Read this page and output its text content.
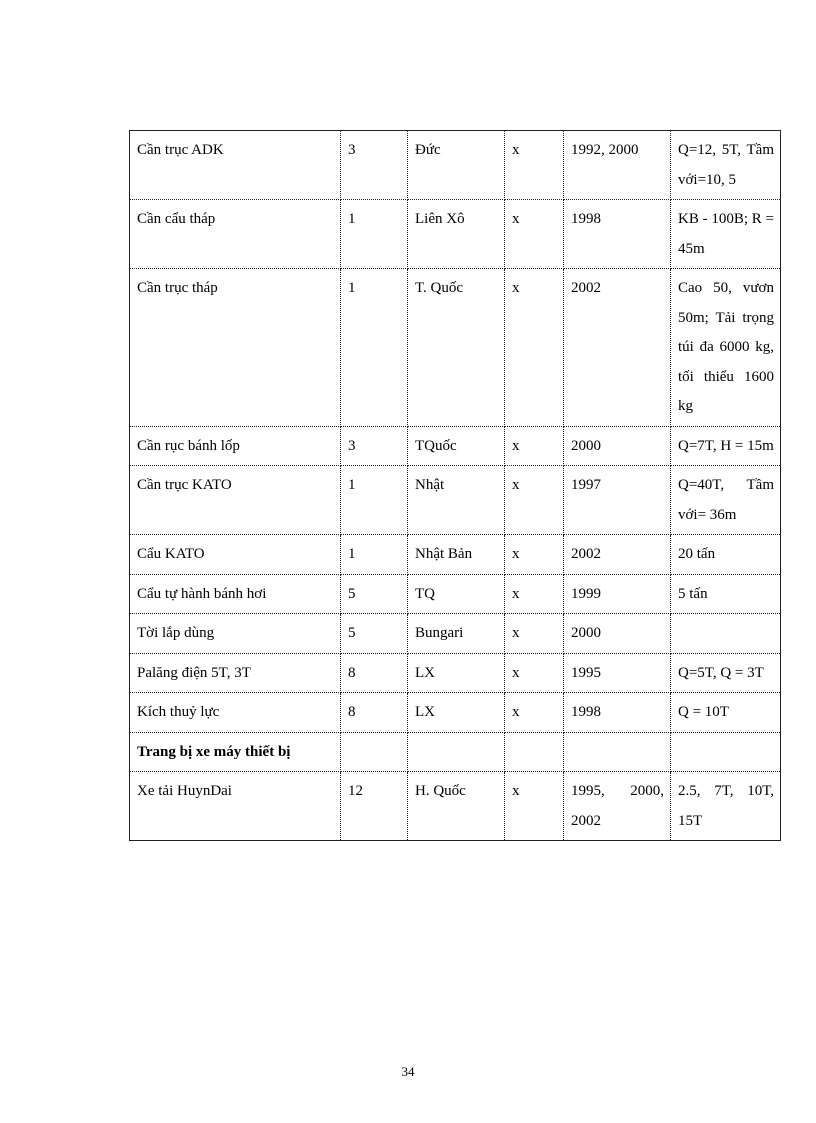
Cần trục ADK	3	Đức	x	1992, 2000	Q=12, 5T, Tầm với=10, 5
Cần cẩu tháp	1	Liên Xô	x	1998	KB - 100B; R = 45m
Cần trục tháp	1	T. Quốc	x	2002	Cao 50, vươn 50m; Tải trọng túi đa 6000 kg, tối thiểu 1600 kg
Cần rục bánh lốp	3	TQuốc	x	2000	Q=7T, H = 15m
Cần trục KATO	1	Nhật	x	1997	Q=40T, Tầm với= 36m
Cẩu KATO	1	Nhật Bản	x	2002	20 tấn
Cẩu tự hành bánh hơi	5	TQ	x	1999	5 tấn
Tời lắp dùng	5	Bungari	x	2000	
Palăng điện 5T, 3T	8	LX	x	1995	Q=5T, Q = 3T
Kích thuỷ lực	8	LX	x	1998	Q = 10T
Trang bị xe máy thiết bị					
Xe tải HuynDai	12	H. Quốc	x	1995, 2000, 2002	2.5, 7T, 10T, 15T
34
